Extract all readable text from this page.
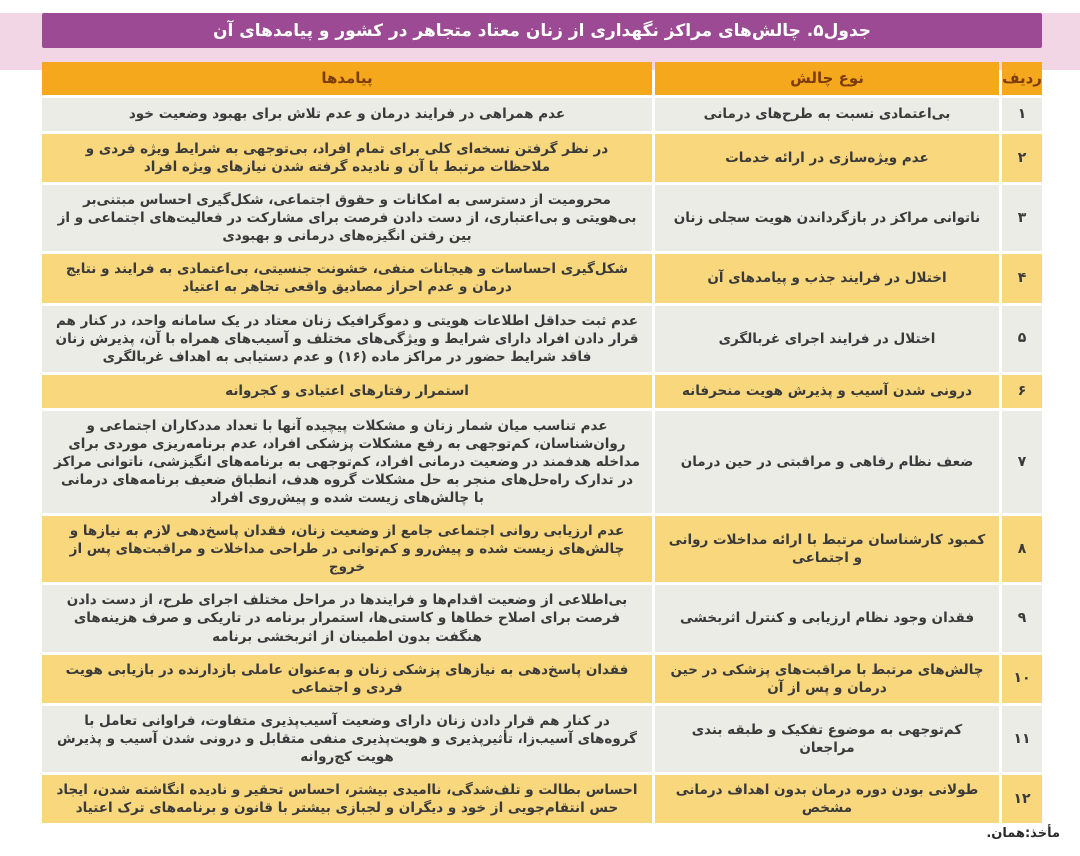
جدول۵. چالش‌های مراکز نگهداری از زنان معتاد متجاهر در کشور و پیامدهای آن
ردیف
نوع چالش
پیامدها
۱
بی‌اعتمادی نسبت به طرح‌های درمانی
عدم همراهی در فرایند درمان و عدم تلاش برای بهبود وضعیت خود
۲
عدم ویژه‌سازی در ارائه خدمات
در نظر گرفتن نسخه‌ای کلی برای تمام افراد، بی‌توجهی به شرایط ویژه فردی و ملاحظات مرتبط با آن و نادیده گرفته شدن نیازهای ویژه افراد
۳
ناتوانی مراکز در بازگرداندن هویت سجلی زنان
محرومیت از دسترسی به امکانات و حقوق اجتماعی، شکل‌گیری احساس مبتنی‌بر بی‌هویتی و بی‌اعتباری، از دست دادن فرصت برای مشارکت در فعالیت‌های اجتماعی و از بین رفتن انگیزه‌های درمانی و بهبودی
۴
اختلال در فرایند جذب و پیامدهای آن
شکل‌گیری احساسات و هیجانات منفی، خشونت جنسیتی، بی‌اعتمادی به فرایند و نتایج درمان و عدم احراز مصادیق واقعی تجاهر به اعتیاد
۵
اختلال در فرایند اجرای غربالگری
عدم ثبت حداقل اطلاعات هویتی و دموگرافیک زنان معتاد در یک سامانه واحد، در کنار هم قرار دادن افراد دارای شرایط و ویژگی‌های مختلف و آسیب‌های همراه با آن، پذیرش زنان فاقد شرایط حضور در مراکز ماده (۱۶) و عدم دستیابی به اهداف غربالگری
۶
درونی شدن آسیب و پذیرش هویت منحرفانه
استمرار رفتارهای اعتیادی و کجروانه
۷
ضعف نظام رفاهی و مراقبتی در حین درمان
عدم تناسب میان شمار زنان و مشکلات پیچیده آنها با تعداد مددکاران اجتماعی و روان‌شناسان، کم‌توجهی به رفع مشکلات پزشکی افراد، عدم برنامه‌ریزی موردی برای مداخله هدفمند در وضعیت درمانی افراد، کم‌توجهی به برنامه‌های انگیزشی، ناتوانی مراکز در تدارک راه‌حل‌های منجر به حل مشکلات گروه هدف، انطباق ضعیف برنامه‌های درمانی با چالش‌های زیست شده و پیش‌روی افراد
۸
کمبود کارشناسان مرتبط با ارائه مداخلات روانی و اجتماعی
عدم ارزیابی روانی اجتماعی جامع از وضعیت زنان، فقدان پاسخ‌دهی لازم به نیازها و چالش‌های زیست شده و پیش‌رو و کم‌توانی در طراحی مداخلات و مراقبت‌های پس از خروج
۹
فقدان وجود نظام ارزیابی و کنترل اثربخشی
بی‌اطلاعی از وضعیت اقدام‌ها و فرایندها در مراحل مختلف اجرای طرح، از دست دادن فرصت برای اصلاح خطاها و کاستی‌ها، استمرار برنامه در تاریکی و صرف هزینه‌های هنگفت بدون اطمینان از اثربخشی برنامه
۱۰
چالش‌های مرتبط با مراقبت‌های پزشکی در حین درمان و پس از آن
فقدان پاسخ‌دهی به نیازهای پزشکی زنان و به‌عنوان عاملی بازدارنده در بازیابی هویت فردی و اجتماعی
۱۱
کم‌توجهی به موضوع تفکیک و طبقه بندی مراجعان
در کنار هم قرار دادن زنان دارای وضعیت آسیب‌پذیری متفاوت، فراوانی تعامل با گروه‌های آسیب‌زا، تأثیرپذیری و هویت‌پذیری منفی متقابل و درونی شدن آسیب و پذیرش هویت کج‌روانه
۱۲
طولانی بودن دوره درمان بدون اهداف درمانی مشخص
احساس بطالت و تلف‌شدگی، ناامیدی بیشتر، احساس تحقیر و نادیده انگاشته شدن، ایجاد حس انتقام‌جویی از خود و دیگران و لجبازی بیشتر با قانون و برنامه‌های ترک اعتیاد
مأخذ:همان.
